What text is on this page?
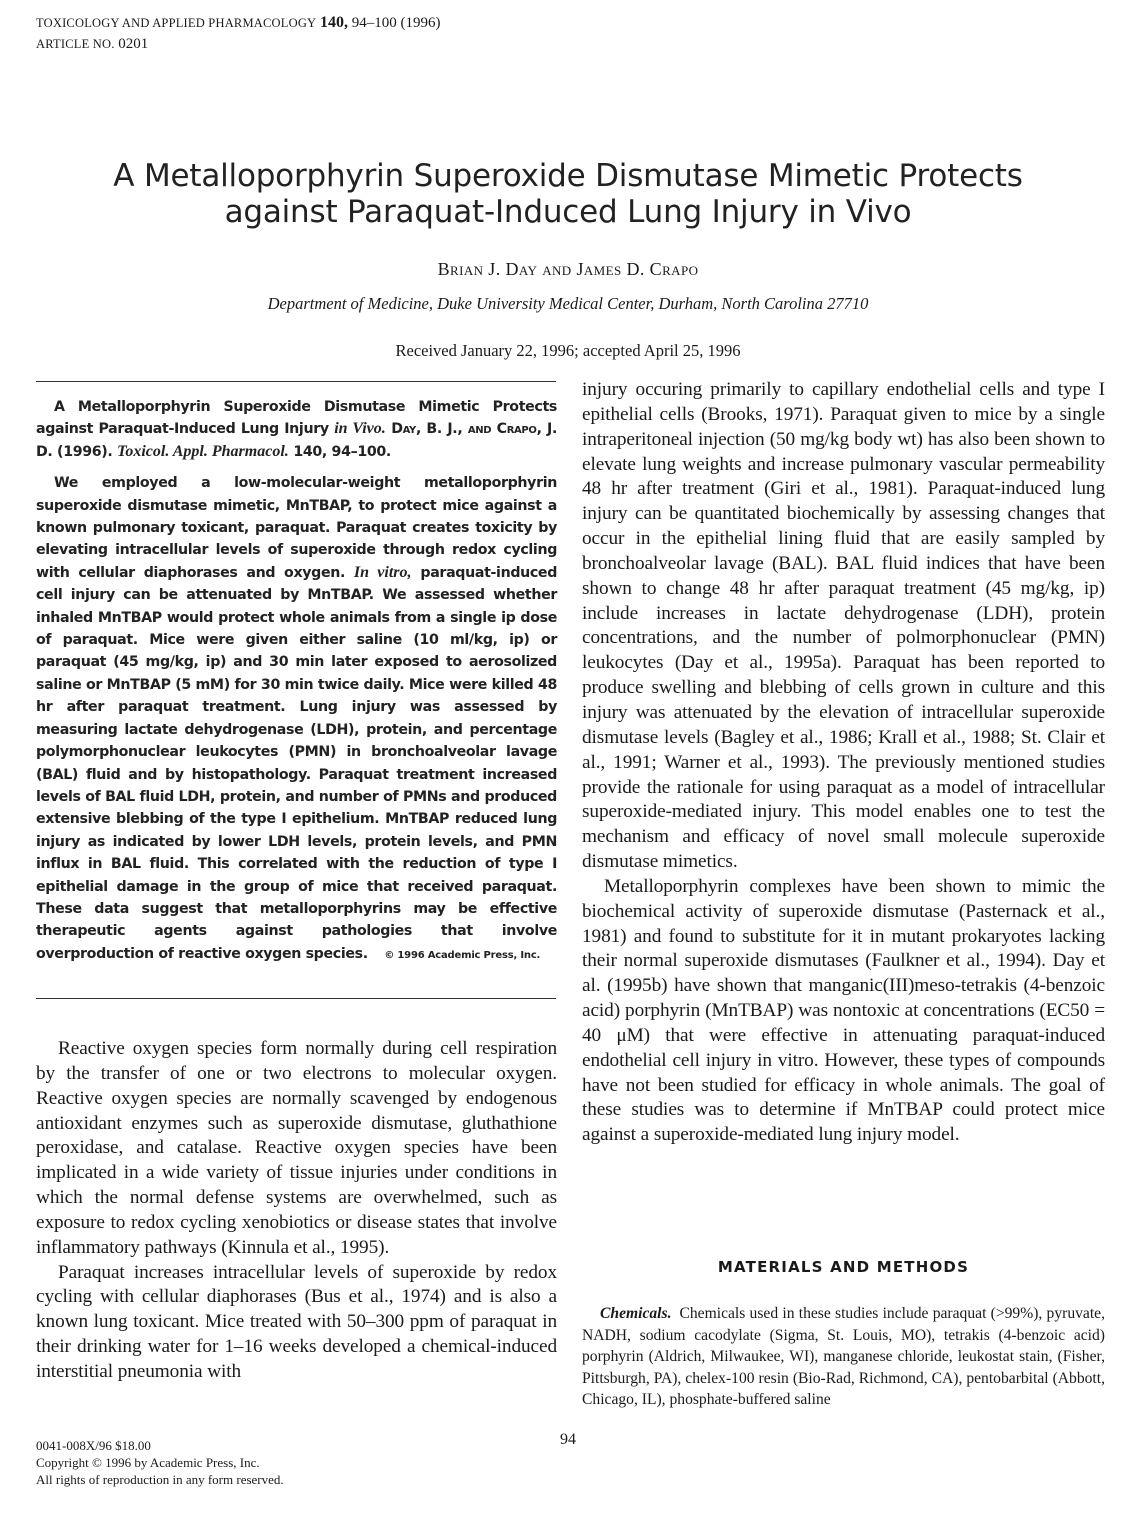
TOXICOLOGY AND APPLIED PHARMACOLOGY 140, 94–100 (1996)
ARTICLE NO. 0201
A Metalloporphyrin Superoxide Dismutase Mimetic Protects
against Paraquat-Induced Lung Injury in Vivo
Brian J. Day and James D. Crapo
Department of Medicine, Duke University Medical Center, Durham, North Carolina 27710
Received January 22, 1996; accepted April 25, 1996

A Metalloporphyrin Superoxide Dismutase Mimetic Protects against Paraquat-Induced Lung Injury in Vivo. Day, B. J., and Crapo, J. D. (1996). Toxicol. Appl. Pharmacol. 140, 94–100.

We employed a low-molecular-weight metalloporphyrin superoxide dismutase mimetic, MnTBAP, to protect mice against a known pulmonary toxicant, paraquat. Paraquat creates toxicity by elevating intracellular levels of superoxide through redox cycling with cellular diaphorases and oxygen. In vitro, paraquat-induced cell injury can be attenuated by MnTBAP. We assessed whether inhaled MnTBAP would protect whole animals from a single ip dose of paraquat. Mice were given either saline (10 ml/kg, ip) or paraquat (45 mg/kg, ip) and 30 min later exposed to aerosolized saline or MnTBAP (5 mM) for 30 min twice daily. Mice were killed 48 hr after paraquat treatment. Lung injury was assessed by measuring lactate dehydrogenase (LDH), protein, and percentage polymorphonuclear leukocytes (PMN) in bronchoalveolar lavage (BAL) fluid and by histopathology. Paraquat treatment increased levels of BAL fluid LDH, protein, and number of PMNs and produced extensive blebbing of the type I epithelium. MnTBAP reduced lung injury as indicated by lower LDH levels, protein levels, and PMN influx in BAL fluid. This correlated with the reduction of type I epithelial damage in the group of mice that received paraquat. These data suggest that metalloporphyrins may be effective therapeutic agents against pathologies that involve overproduction of reactive oxygen species. © 1996 Academic Press, Inc.

Reactive oxygen species form normally during cell respiration by the transfer of one or two electrons to molecular oxygen. Reactive oxygen species are normally scavenged by endogenous antioxidant enzymes such as superoxide dismutase, gluthathione peroxidase, and catalase. Reactive oxygen species have been implicated in a wide variety of tissue injuries under conditions in which the normal defense systems are overwhelmed, such as exposure to redox cycling xenobiotics or disease states that involve inflammatory pathways (Kinnula et al., 1995).

Paraquat increases intracellular levels of superoxide by redox cycling with cellular diaphorases (Bus et al., 1974) and is also a known lung toxicant. Mice treated with 50–300 ppm of paraquat in their drinking water for 1–16 weeks developed a chemical-induced interstitial pneumonia with

injury occuring primarily to capillary endothelial cells and type I epithelial cells (Brooks, 1971). Paraquat given to mice by a single intraperitoneal injection (50 mg/kg body wt) has also been shown to elevate lung weights and increase pulmonary vascular permeability 48 hr after treatment (Giri et al., 1981). Paraquat-induced lung injury can be quantitated biochemically by assessing changes that occur in the epithelial lining fluid that are easily sampled by bronchoalveolar lavage (BAL). BAL fluid indices that have been shown to change 48 hr after paraquat treatment (45 mg/kg, ip) include increases in lactate dehydrogenase (LDH), protein concentrations, and the number of polmorphonuclear (PMN) leukocytes (Day et al., 1995a). Paraquat has been reported to produce swelling and blebbing of cells grown in culture and this injury was attenuated by the elevation of intracellular superoxide dismutase levels (Bagley et al., 1986; Krall et al., 1988; St. Clair et al., 1991; Warner et al., 1993). The previously mentioned studies provide the rationale for using paraquat as a model of intracellular superoxide-mediated injury. This model enables one to test the mechanism and efficacy of novel small molecule superoxide dismutase mimetics.

Metalloporphyrin complexes have been shown to mimic the biochemical activity of superoxide dismutase (Pasternack et al., 1981) and found to substitute for it in mutant prokaryotes lacking their normal superoxide dismutases (Faulkner et al., 1994). Day et al. (1995b) have shown that manganic(III)meso-tetrakis (4-benzoic acid) porphyrin (MnTBAP) was nontoxic at concentrations (EC50 = 40 μM) that were effective in attenuating paraquat-induced endothelial cell injury in vitro. However, these types of compounds have not been studied for efficacy in whole animals. The goal of these studies was to determine if MnTBAP could protect mice against a superoxide-mediated lung injury model.

MATERIALS AND METHODS

Chemicals. Chemicals used in these studies include paraquat (>99%), pyruvate, NADH, sodium cacodylate (Sigma, St. Louis, MO), tetrakis (4-benzoic acid) porphyrin (Aldrich, Milwaukee, WI), manganese chloride, leukostat stain, (Fisher, Pittsburgh, PA), chelex-100 resin (Bio-Rad, Richmond, CA), pentobarbital (Abbott, Chicago, IL), phosphate-buffered saline

94
0041-008X/96 $18.00
Copyright © 1996 by Academic Press, Inc.
All rights of reproduction in any form reserved.
